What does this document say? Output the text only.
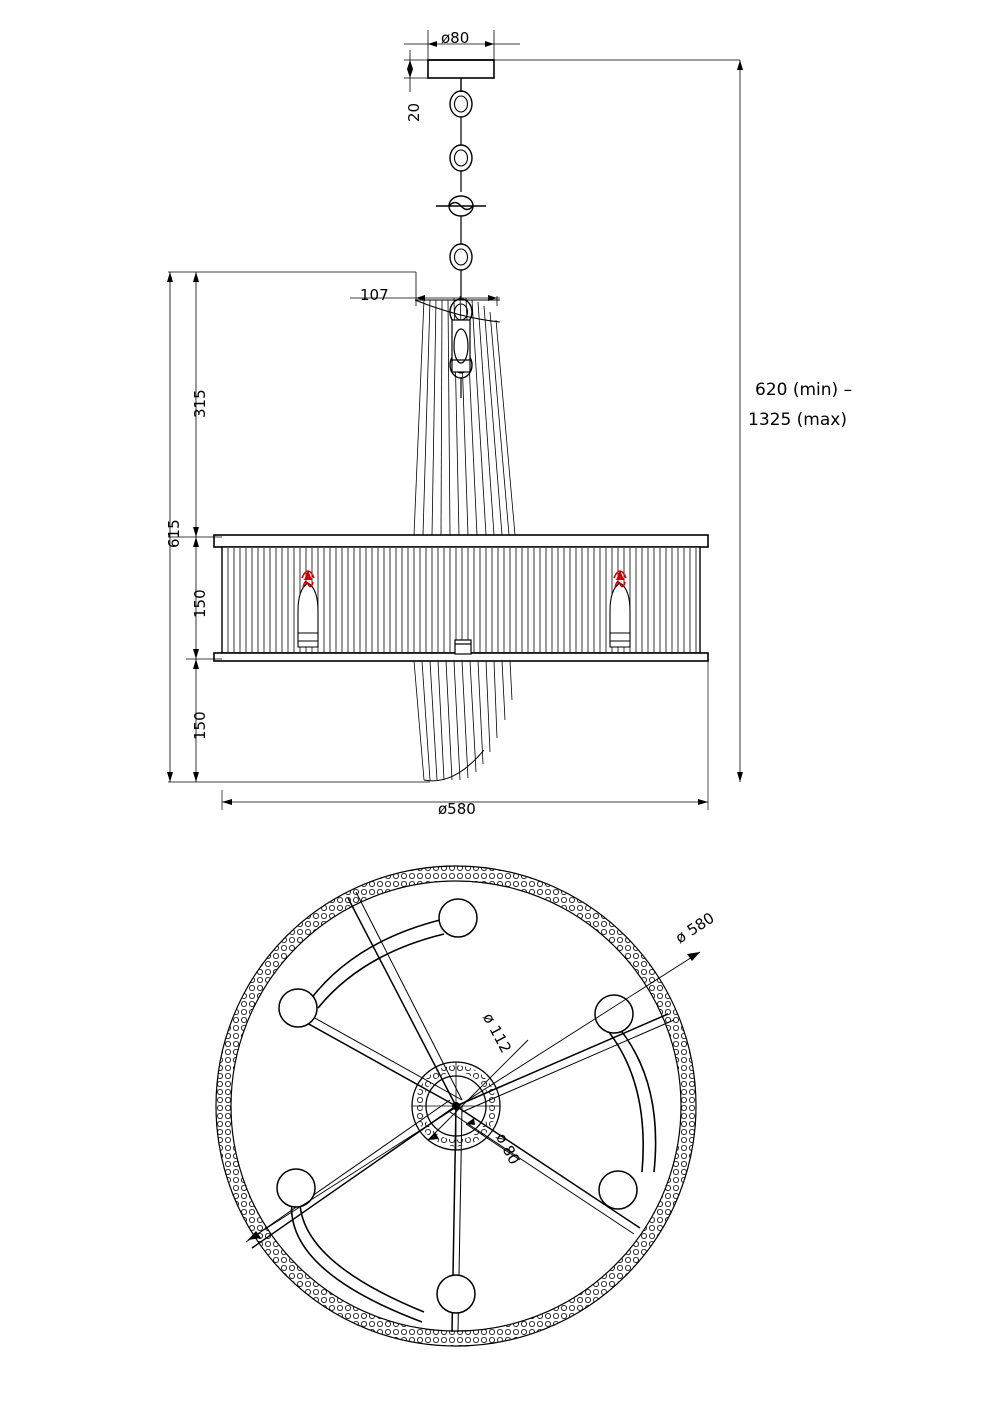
ø80
20
620 (min) –
1325 (max)
107
315
615
150
150
ø580
ø 580
ø 112
ø 80
